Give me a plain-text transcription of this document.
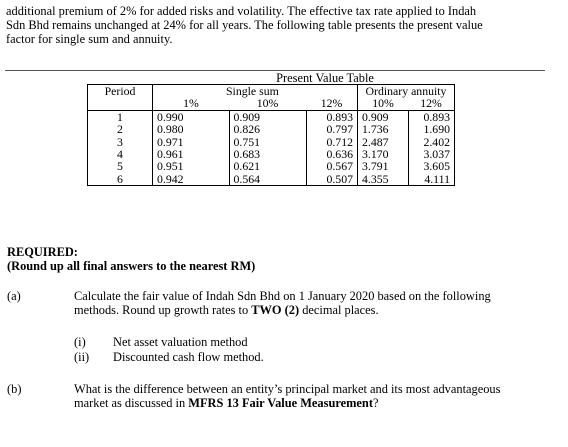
additional premium of 2% for added risks and volatility. The effective tax rate applied to Indah
Sdn Bhd remains unchanged at 24% for all years. The following table presents the present value
factor for single sum and annuity.
Present Value Table
Period	Single sum			Ordinary annuity	
	1%	10%	12%	10%	12%
1	0.990	0.909	0.893	0.909	0.893
2	0.980	0.826	0.797	1.736	1.690
3	0.971	0.751	0.712	2.487	2.402
4	0.961	0.683	0.636	3.170	3.037
5	0.951	0.621	0.567	3.791	3.605
6	0.942	0.564	0.507	4.355	4.111
REQUIRED:
(Round up all final answers to the nearest RM)
(a)	Calculate the fair value of Indah Sdn Bhd on 1 January 2020 based on the following
methods. Round up growth rates to TWO (2) decimal places.
(i) Net asset valuation method
(ii) Discounted cash flow method.
(b)	What is the difference between an entity’s principal market and its most advantageous
market as discussed in MFRS 13 Fair Value Measurement?
